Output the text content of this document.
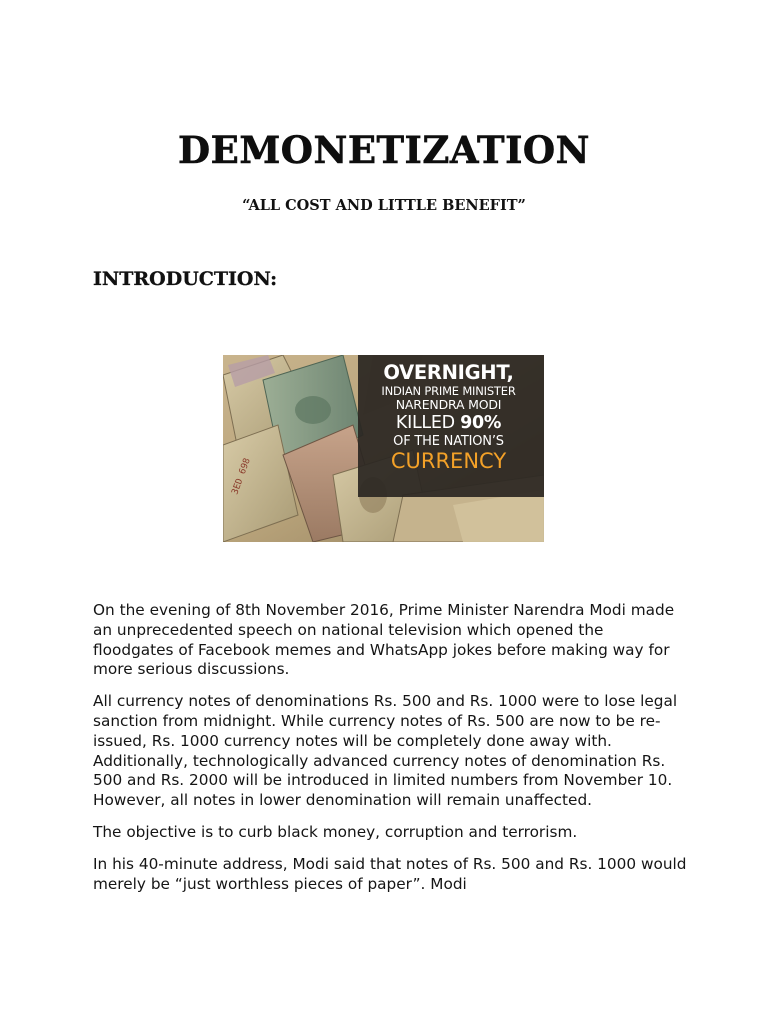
DEMONETIZATION
“ALL COST AND LITTLE BENEFIT”
INTRODUCTION:
3ED 698
OVERNIGHT,
INDIAN PRIME MINISTER
NARENDRA MODI
KILLED 90%
OF THE NATION’S
CURRENCY

On the evening of 8th November 2016, Prime Minister Narendra Modi made an unprecedented speech on national television which opened the floodgates of Facebook memes and WhatsApp jokes before making way for more serious discussions.

All currency notes of denominations Rs. 500 and Rs. 1000 were to lose legal sanction from midnight. While currency notes of Rs. 500 are now to be re-issued, Rs. 1000 currency notes will be completely done away with. Additionally, technologically advanced currency notes of denomination Rs. 500 and Rs. 2000 will be introduced in limited numbers from November 10. However, all notes in lower denomination will remain unaffected.

The objective is to curb black money, corruption and terrorism.

In his 40-minute address, Modi said that notes of Rs. 500 and Rs. 1000 would merely be “just worthless pieces of paper”. Modi
